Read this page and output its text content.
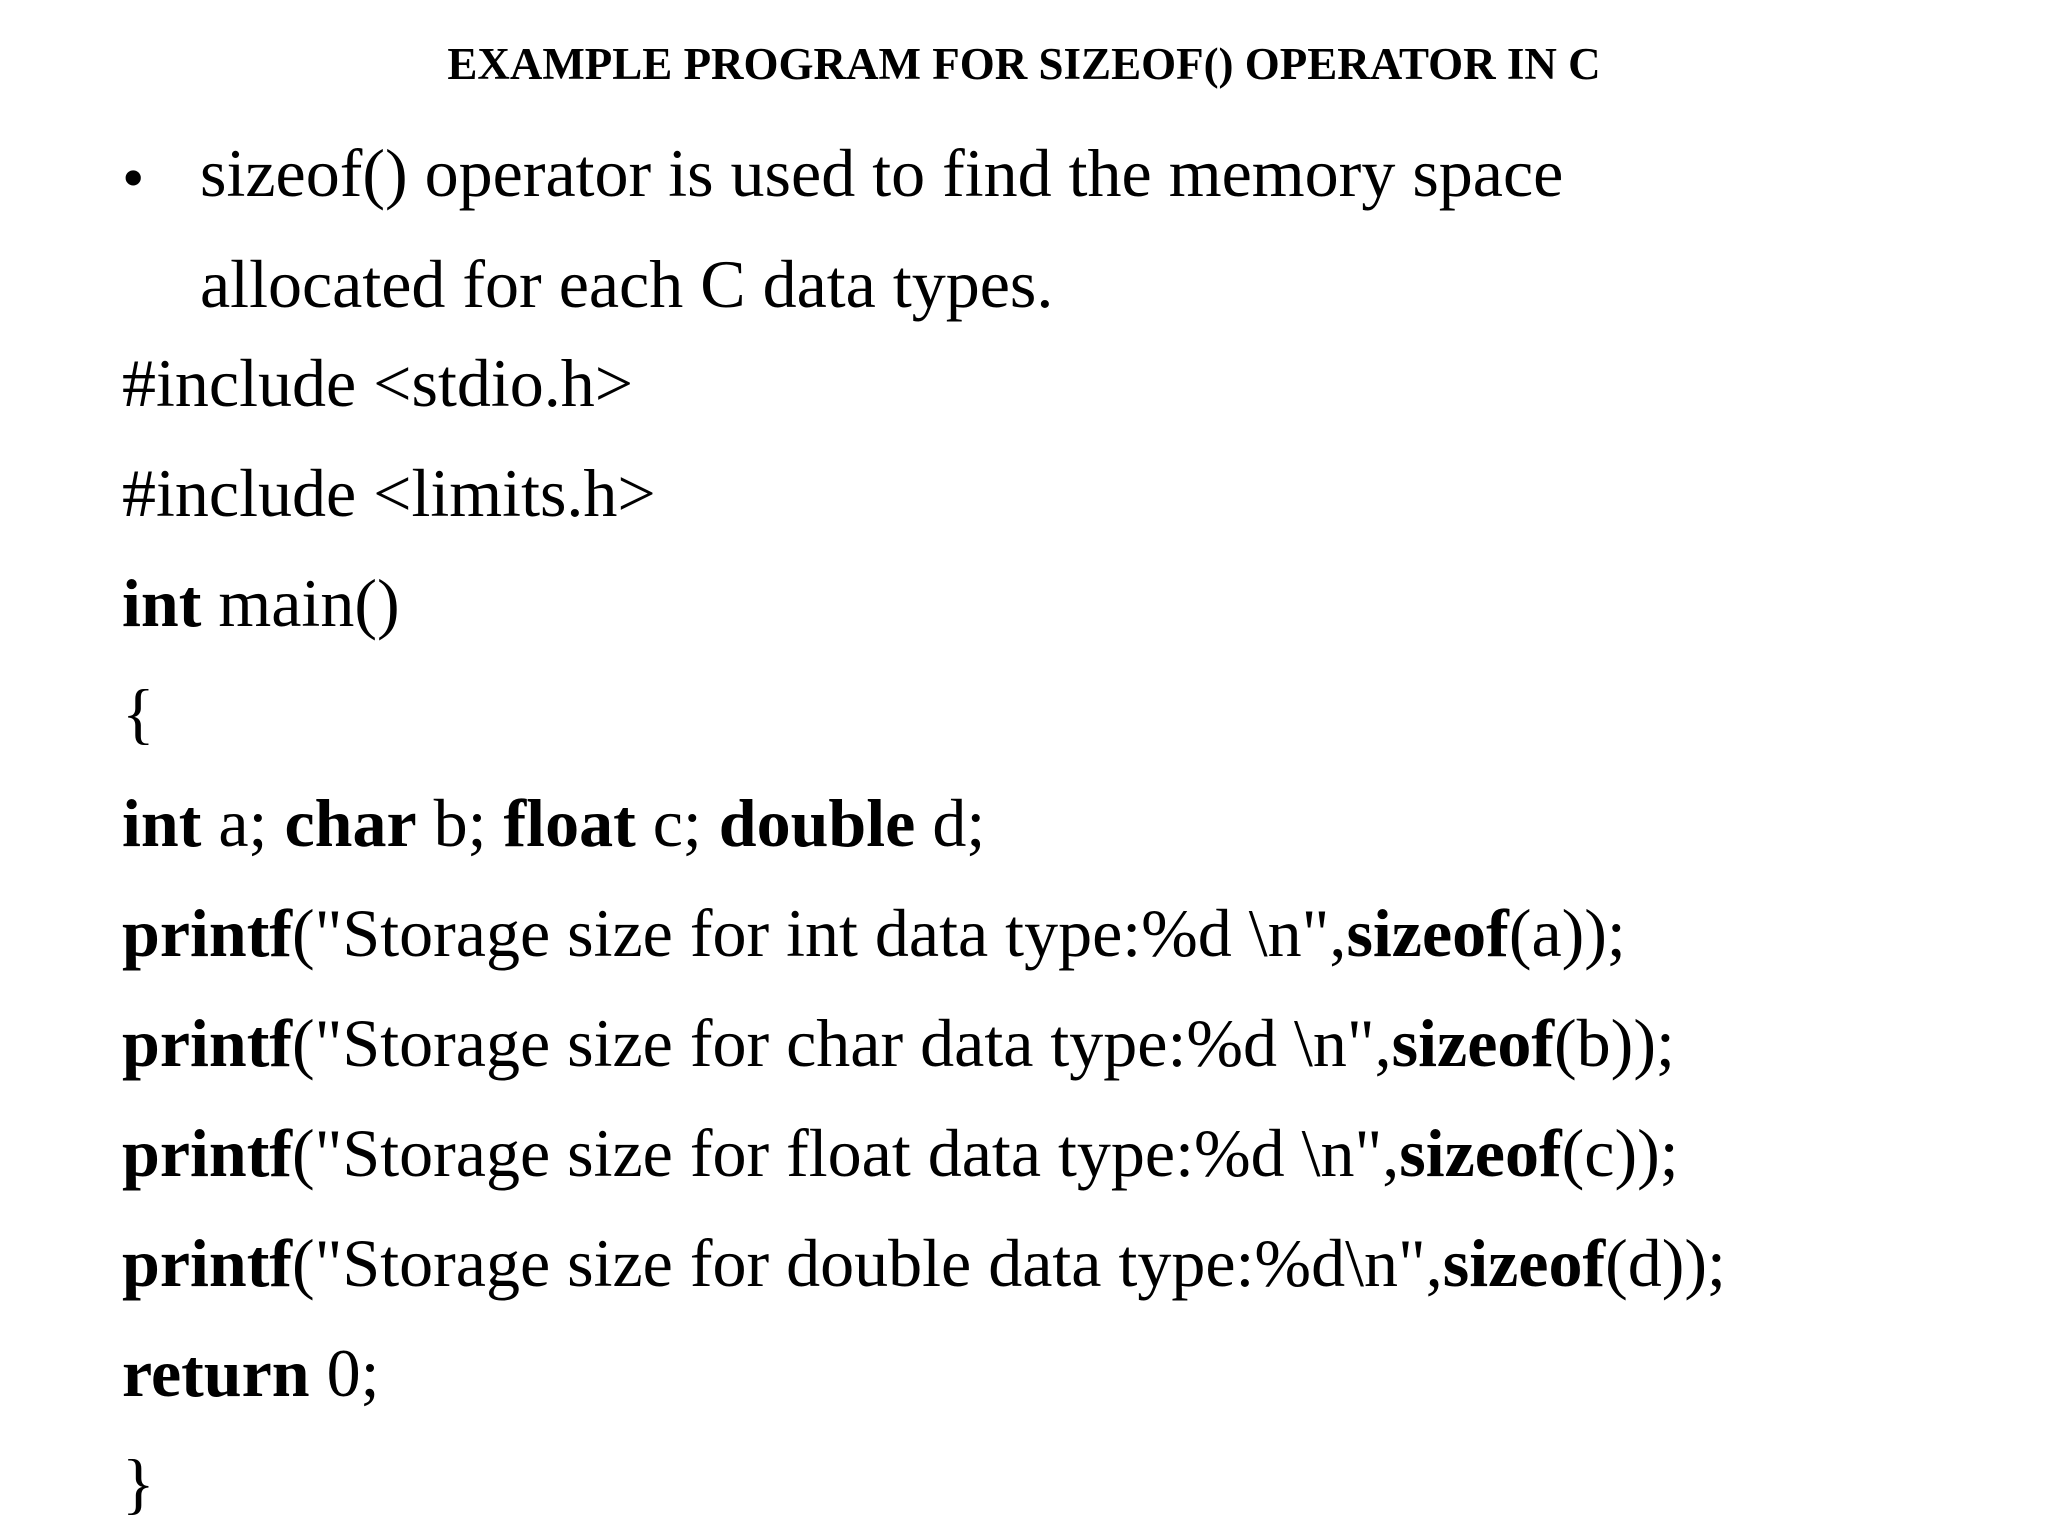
EXAMPLE PROGRAM FOR SIZEOF() OPERATOR IN C
• sizeof() operator is used to find the memory space
allocated for each C data types.
#include <stdio.h>
#include <limits.h>
int main()
{
int a; char b; float c; double d;
printf("Storage size for int data type:%d \n",sizeof(a));
printf("Storage size for char data type:%d \n",sizeof(b));
printf("Storage size for float data type:%d \n",sizeof(c));
printf("Storage size for double data type:%d\n",sizeof(d));
return 0;
}
